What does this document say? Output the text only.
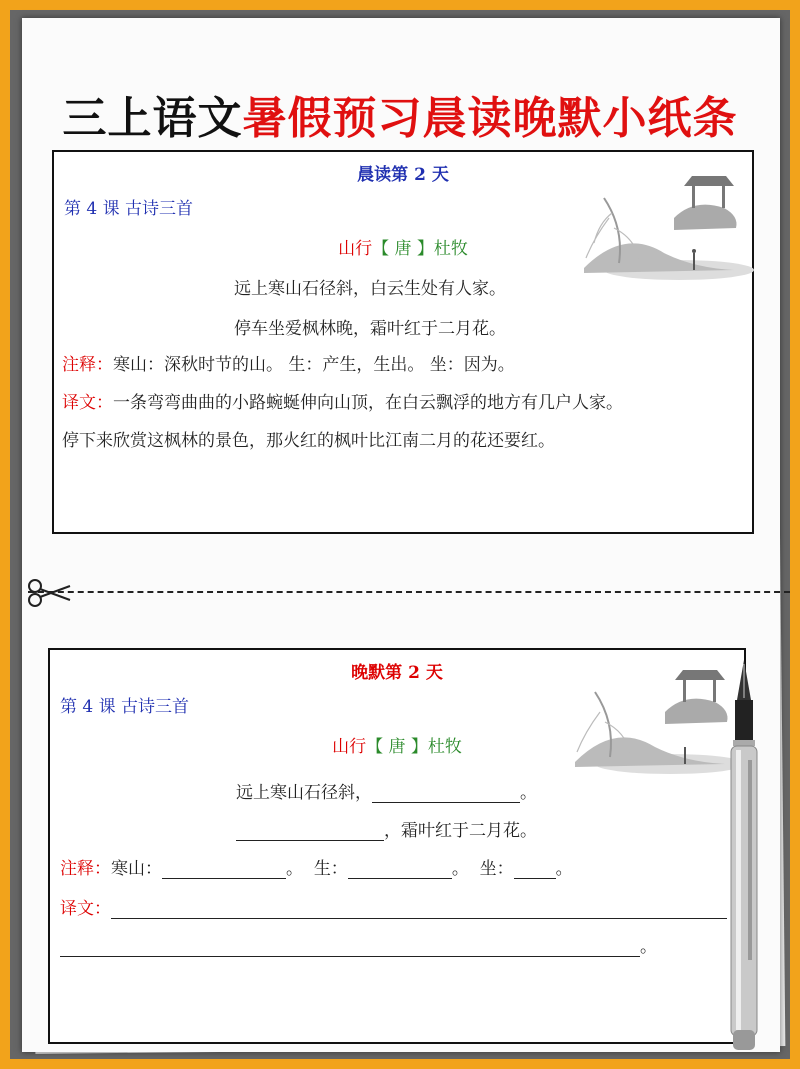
三上语文暑假预习晨读晚默小纸条
晨读第 2 天
第 4 课 古诗三首
山行【 唐 】杜牧
远上寒山石径斜，白云生处有人家。
停车坐爱枫林晚，霜叶红于二月花。
注释：寒山：深秋时节的山。 生：产生，生出。 坐：因为。
译文：一条弯弯曲曲的小路蜿蜒伸向山顶，在白云飘浮的地方有几户人家。
停下来欣赏这枫林的景色，那火红的枫叶比江南二月的花还要红。
晚默第 2 天
第 4 课 古诗三首
山行【 唐 】杜牧
远上寒山石径斜，	。
，霜叶红于二月花。
注释：寒山：	。 生：	。 坐： 。
译文：
。
